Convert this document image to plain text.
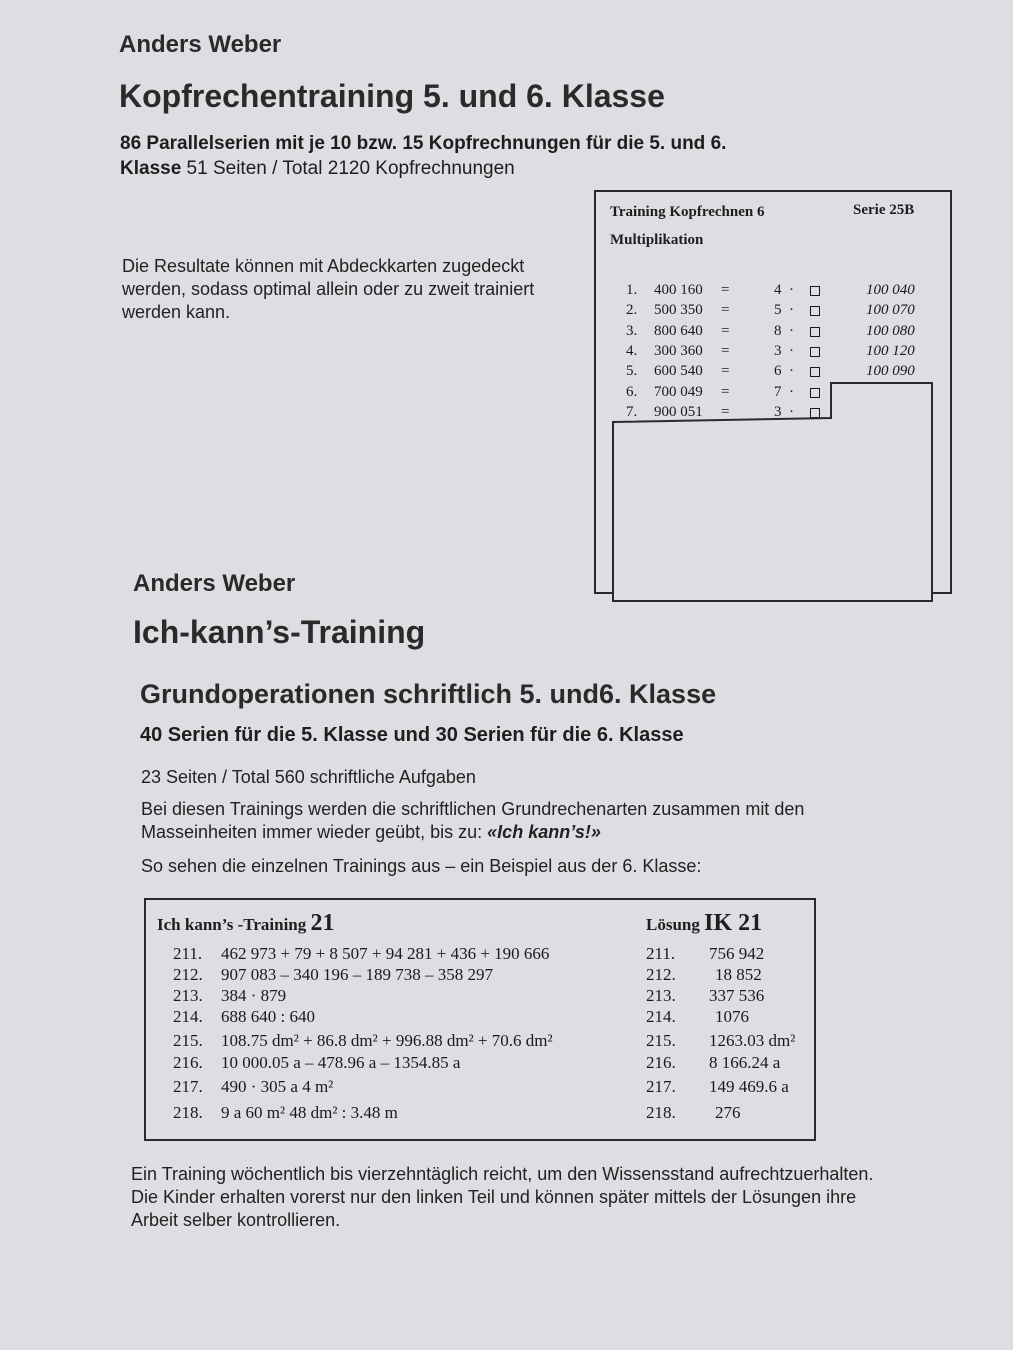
Anders Weber
Kopfrechentraining 5. und 6. Klasse
86 Parallelserien mit je 10 bzw. 15 Kopfrechnungen für die 5. und 6.
Klasse 51 Seiten / Total 2120 Kopfrechnungen
Die Resultate können mit Abdeckkarten zugedeckt werden, sodass optimal allein oder zu zweit trainiert werden kann.
Training Kopfrechnen 6	Serie 25B
Multiplikation
1. 400 160 =	4 ·	100 040
2. 500 350 =	5 ·	100 070
3. 800 640 =	8 ·	100 080
4. 300 360 =	3 ·	100 120
5. 600 540 =	6 ·	100 090
6. 700 049 =	7 ·
7. 900 051 =	3 ·
Anders Weber
Ich-kann’s-Training
Grundoperationen schriftlich 5. und6. Klasse
40 Serien für die 5. Klasse und 30 Serien für die 6. Klasse
23 Seiten / Total 560 schriftliche Aufgaben
Bei diesen Trainings werden die schriftlichen Grundrechenarten zusammen mit den
Masseinheiten immer wieder geübt, bis zu: «Ich kann’s!»
So sehen die einzelnen Trainings aus – ein Beispiel aus der 6. Klasse:
Ich kann’s -Training 21	Lösung IK 21
211. 462 973 + 79 + 8 507 + 94 281 + 436 + 190 666	211. 756 942
212. 907 083 – 340 196 – 189 738 – 358 297	212. 18 852
213. 384 · 879	213. 337 536
214. 688 640 : 640	214. 1076
215. 108.75 dm² + 86.8 dm² + 996.88 dm² + 70.6 dm²	215. 1263.03 dm²
216. 10 000.05 a – 478.96 a – 1354.85 a	216. 8 166.24 a
217. 490 · 305 a 4 m²	217. 149 469.6 a
218. 9 a 60 m² 48 dm² : 3.48 m	218. 276
Ein Training wöchentlich bis vierzehntäglich reicht, um den Wissensstand aufrechtzuerhalten.
Die Kinder erhalten vorerst nur den linken Teil und können später mittels der Lösungen ihre
Arbeit selber kontrollieren.
